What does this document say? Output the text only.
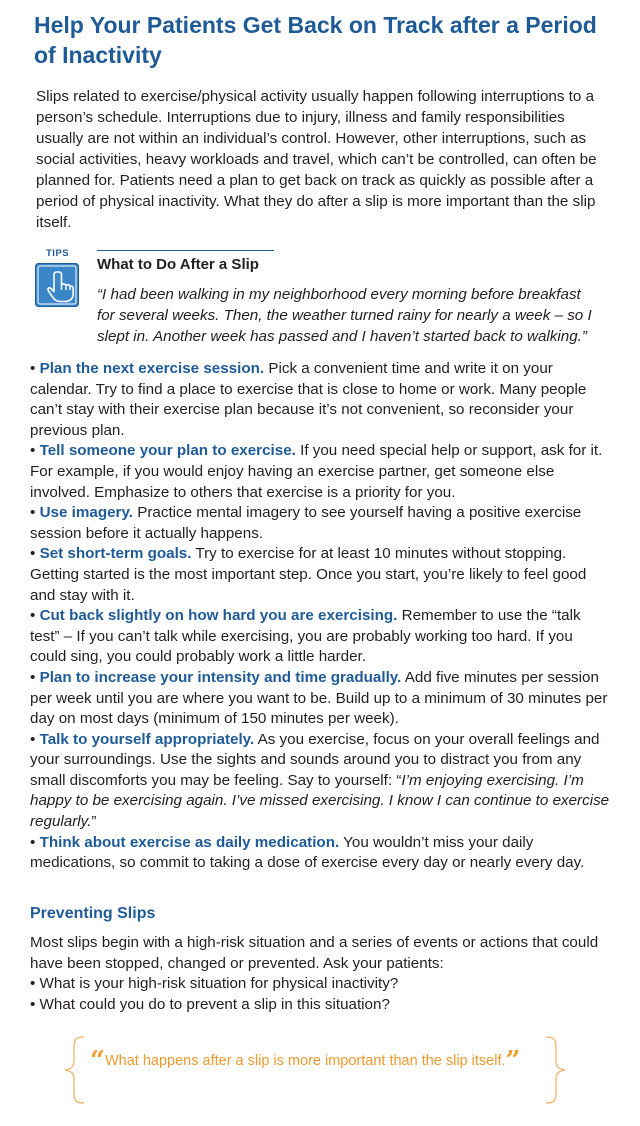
Help Your Patients Get Back on Track after a Period of Inactivity

Slips related to exercise/physical activity usually happen following interruptions to a person’s schedule. Interruptions due to injury, illness and family responsibilities usually are not within an individual’s control. However, other interruptions, such as social activities, heavy workloads and travel, which can’t be controlled, can often be planned for. Patients need a plan to get back on track as quickly as possible after a period of physical inactivity. What they do after a slip is more important than the slip itself.

TIPS
What to Do After a Slip

“I had been walking in my neighborhood every morning before breakfast for several weeks. Then, the weather turned rainy for nearly a week – so I slept in. Another week has passed and I haven’t started back to walking.”

• Plan the next exercise session. Pick a convenient time and write it on your calendar. Try to find a place to exercise that is close to home or work. Many people can’t stay with their exercise plan because it’s not convenient, so reconsider your previous plan.

• Tell someone your plan to exercise. If you need special help or support, ask for it. For example, if you would enjoy having an exercise partner, get someone else involved. Emphasize to others that exercise is a priority for you.

• Use imagery. Practice mental imagery to see yourself having a positive exercise session before it actually happens.

• Set short-term goals. Try to exercise for at least 10 minutes without stopping. Getting started is the most important step. Once you start, you’re likely to feel good and stay with it.

• Cut back slightly on how hard you are exercising. Remember to use the “talk test” – If you can’t talk while exercising, you are probably working too hard. If you could sing, you could probably work a little harder.

• Plan to increase your intensity and time gradually. Add five minutes per session per week until you are where you want to be. Build up to a minimum of 30 minutes per day on most days (minimum of 150 minutes per week).

• Talk to yourself appropriately. As you exercise, focus on your overall feelings and your surroundings. Use the sights and sounds around you to distract you from any small discomforts you may be feeling. Say to yourself: “I’m enjoying exercising. I’m happy to be exercising again. I’ve missed exercising. I know I can continue to exercise regularly.”

• Think about exercise as daily medication. You wouldn’t miss your daily medications, so commit to taking a dose of exercise every day or nearly every day.

Preventing Slips

Most slips begin with a high-risk situation and a series of events or actions that could have been stopped, changed or prevented. Ask your patients:

• What is your high-risk situation for physical inactivity?

• What could you do to prevent a slip in this situation?

“What happens after a slip is more important than the slip itself.”
